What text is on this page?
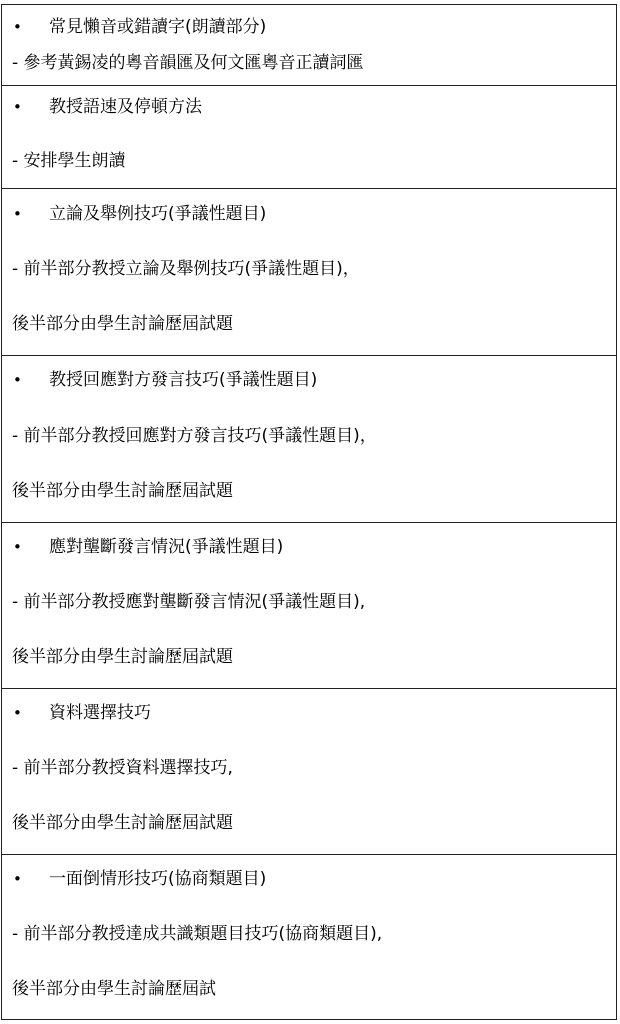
• 常見懶音或錯讀字(朗讀部分)
- 參考黃錫凌的粵音韻匯及何文匯粵音正讀詞匯
• 教授語速及停頓方法
- 安排學生朗讀
• 立論及舉例技巧(爭議性題目)
- 前半部分教授立論及舉例技巧(爭議性題目)，
後半部分由學生討論歷屆試題
• 教授回應對方發言技巧(爭議性題目)
- 前半部分教授回應對方發言技巧(爭議性題目)，
後半部分由學生討論歷屆試題
• 應對壟斷發言情況(爭議性題目)
- 前半部分教授應對壟斷發言情況(爭議性題目),
後半部分由學生討論歷屆試題
• 資料選擇技巧
- 前半部分教授資料選擇技巧,
後半部分由學生討論歷屆試題
• 一面倒情形技巧(協商類題目)
- 前半部分教授達成共識類題目技巧(協商類題目),
後半部分由學生討論歷屆試
